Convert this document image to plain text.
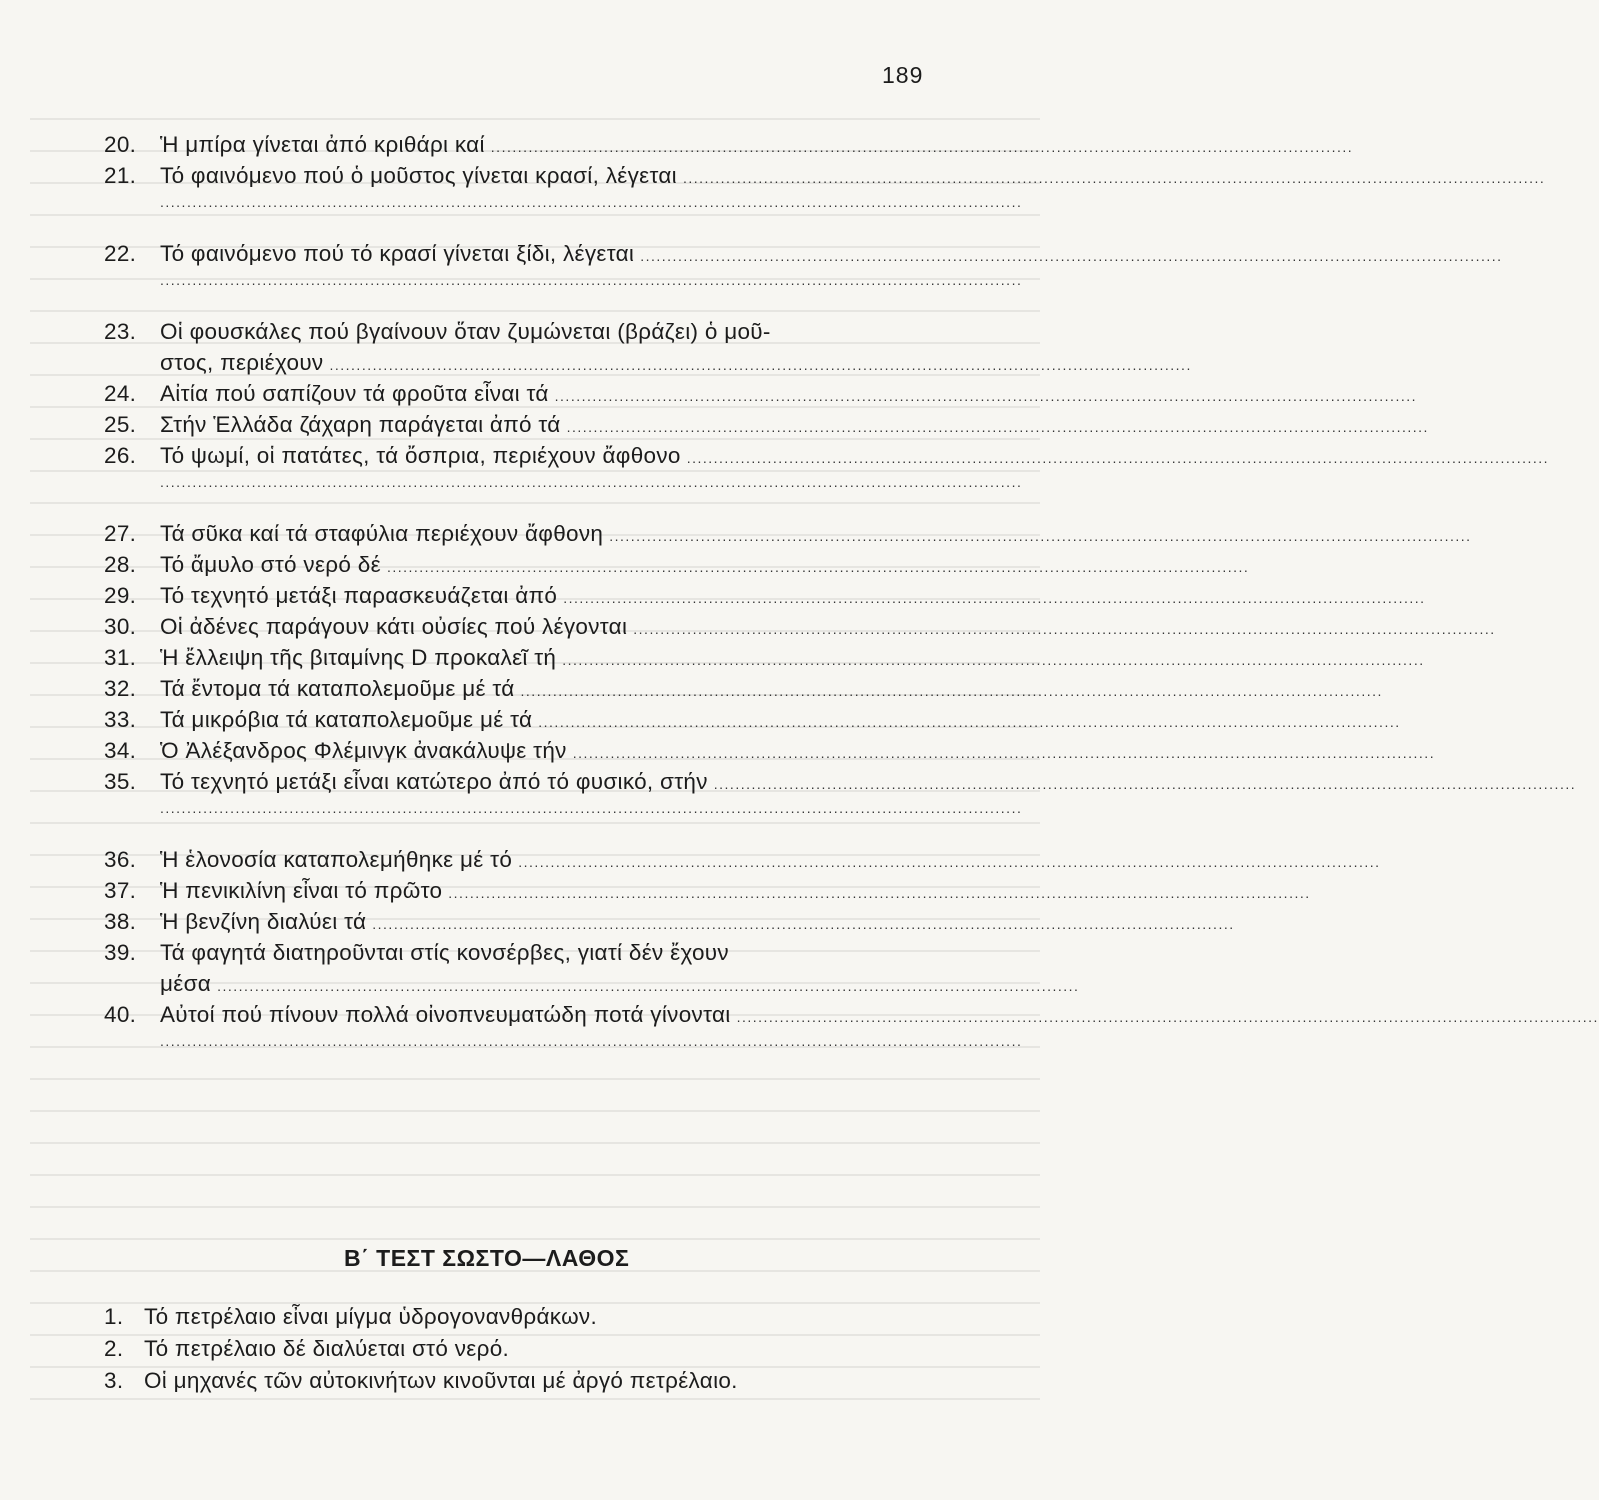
189
20.	Ἡ μπίρα γίνεται ἀπό κριθάρι καί ................................................................................................................................................................
21.	Τό φαινόμενο πού ὁ μοῦστος γίνεται κρασί, λέγεται ................................................................................................................................................................
................................................................................................................................................................
22.	Τό φαινόμενο πού τό κρασί γίνεται ξίδι, λέγεται ................................................................................................................................................................
................................................................................................................................................................
23.	Οἱ φουσκάλες πού βγαίνουν ὅταν ζυμώνεται (βράζει) ὁ μοῦ-
στος, περιέχουν ................................................................................................................................................................
24.	Αἰτία πού σαπίζουν τά φροῦτα εἶναι τά ................................................................................................................................................................
25.	Στήν Ἑλλάδα ζάχαρη παράγεται ἀπό τά ................................................................................................................................................................
26.	Τό ψωμί, οἱ πατάτες, τά ὄσπρια, περιέχουν ἄφθονο ................................................................................................................................................................
................................................................................................................................................................
27.	Τά σῦκα καί τά σταφύλια περιέχουν ἄφθονη ................................................................................................................................................................
28.	Τό ἄμυλο στό νερό δέ ................................................................................................................................................................
29.	Τό τεχνητό μετάξι παρασκευάζεται ἀπό ................................................................................................................................................................
30.	Οἱ ἀδένες παράγουν κάτι οὐσίες πού λέγονται ................................................................................................................................................................
31.	Ἡ ἔλλειψη τῆς βιταμίνης D προκαλεῖ τή ................................................................................................................................................................
32.	Τά ἔντομα τά καταπολεμοῦμε μέ τά ................................................................................................................................................................
33.	Τά μικρόβια τά καταπολεμοῦμε μέ τά ................................................................................................................................................................
34.	Ὁ Ἀλέξανδρος Φλέμινγκ ἀνακάλυψε τήν ................................................................................................................................................................
35.	Τό τεχνητό μετάξι εἶναι κατώτερο ἀπό τό φυσικό, στήν ................................................................................................................................................................
................................................................................................................................................................
36.	Ἡ ἑλονοσία καταπολεμήθηκε μέ τό ................................................................................................................................................................
37.	Ἡ πενικιλίνη εἶναι τό πρῶτο ................................................................................................................................................................
38.	Ἡ βενζίνη διαλύει τά ................................................................................................................................................................
39.	Τά φαγητά διατηροῦνται στίς κονσέρβες, γιατί δέν ἔχουν
μέσα ................................................................................................................................................................
40.	Αὐτοί πού πίνουν πολλά οἰνοπνευματώδη ποτά γίνονται ................................................................................................................................................................
................................................................................................................................................................
Β΄ ΤΕΣΤ ΣΩΣΤΟ—ΛΑΘΟΣ
1. Τό πετρέλαιο εἶναι μίγμα ὑδρογονανθράκων.
2. Τό πετρέλαιο δέ διαλύεται στό νερό.
3. Οἱ μηχανές τῶν αὐτοκινήτων κινοῦνται μέ ἀργό πετρέλαιο.
